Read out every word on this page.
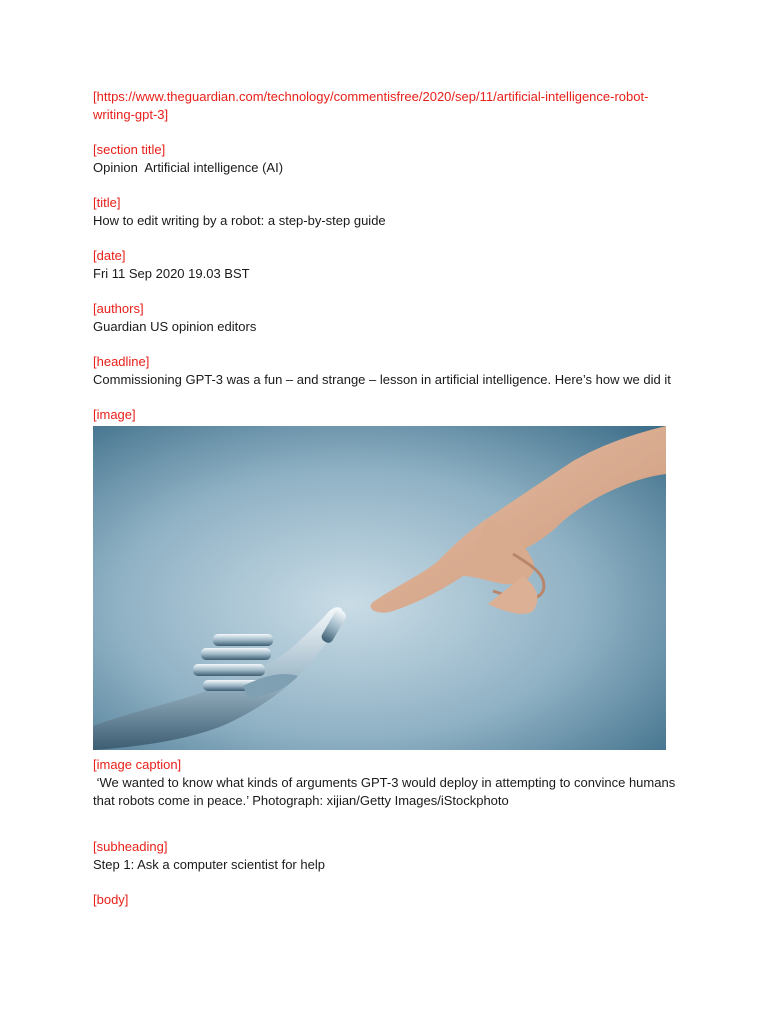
[https://www.theguardian.com/technology/commentisfree/2020/sep/11/artificial-intelligence-robot-writing-gpt-3]
[section title]
Opinion  Artificial intelligence (AI)
[title]
How to edit writing by a robot: a step-by-step guide
[date]
Fri 11 Sep 2020 19.03 BST
[authors]
Guardian US opinion editors
[headline]
Commissioning GPT-3 was a fun – and strange – lesson in artificial intelligence. Here’s how we did it
[image]
[image caption]
‘We wanted to know what kinds of arguments GPT-3 would deploy in attempting to convince humans that robots come in peace.’ Photograph: xijian/Getty Images/iStockphoto
[subheading]
Step 1: Ask a computer scientist for help
[body]
